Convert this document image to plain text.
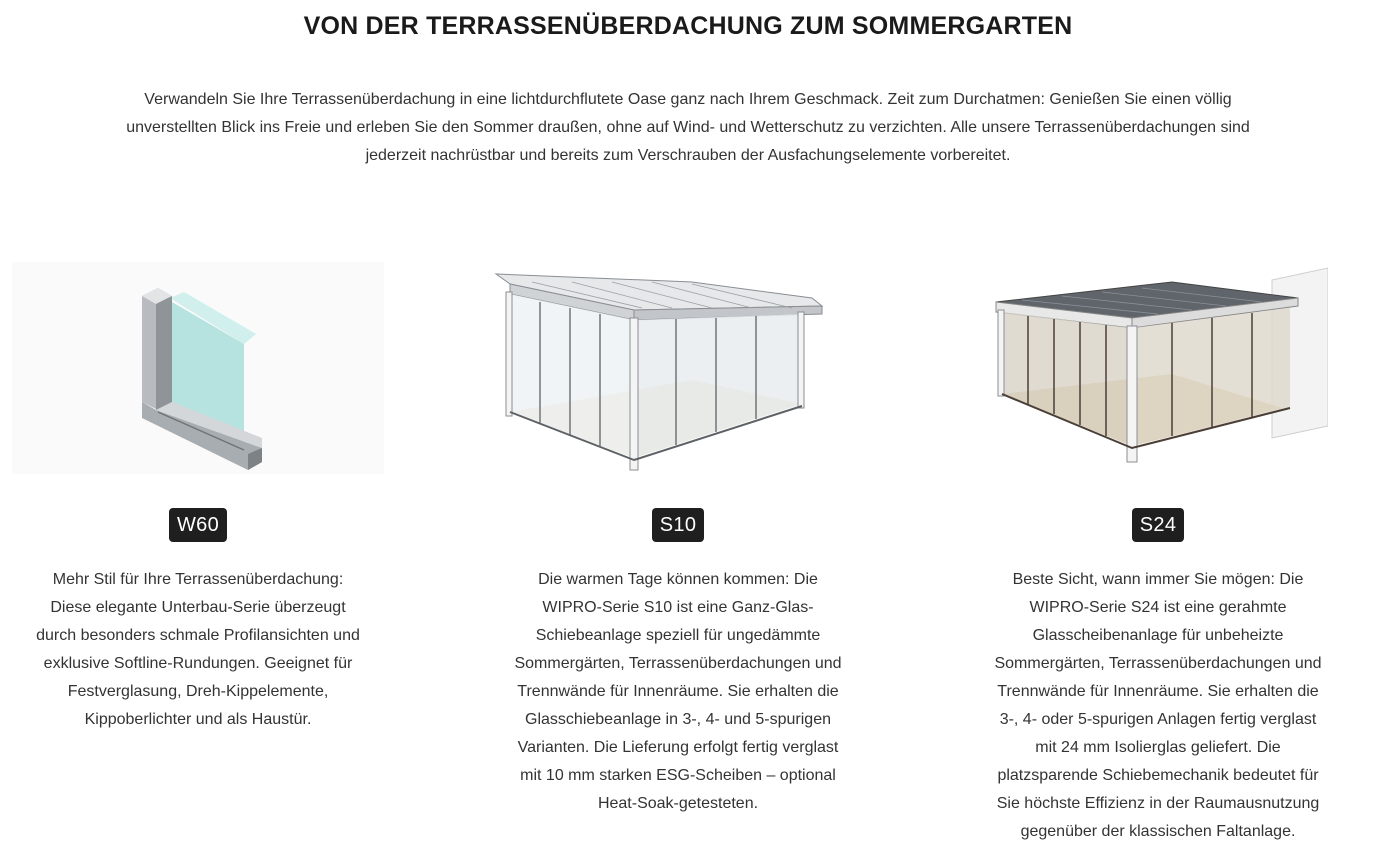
VON DER TERRASSENÜBERDACHUNG ZUM SOMMERGARTEN
Verwandeln Sie Ihre Terrassenüberdachung in eine lichtdurchflutete Oase ganz nach Ihrem Geschmack. Zeit zum Durchatmen: Genießen Sie einen völlig
unverstellten Blick ins Freie und erleben Sie den Sommer draußen, ohne auf Wind- und Wetterschutz zu verzichten. Alle unsere Terrassenüberdachungen sind
jederzeit nachrüstbar und bereits zum Verschrauben der Ausfachungselemente vorbereitet.
W60
Mehr Stil für Ihre Terrassenüberdachung:
Diese elegante Unterbau-Serie überzeugt
durch besonders schmale Profilansichten und
exklusive Softline-Rundungen. Geeignet für
Festverglasung, Dreh-Kippelemente,
Kippoberlichter und als Haustür.
S10
Die warmen Tage können kommen: Die
WIPRO-Serie S10 ist eine Ganz-Glas-
Schiebeanlage speziell für ungedämmte
Sommergärten, Terrassenüberdachungen und
Trennwände für Innenräume. Sie erhalten die
Glasschiebeanlage in 3-, 4- und 5-spurigen
Varianten. Die Lieferung erfolgt fertig verglast
mit 10 mm starken ESG-Scheiben – optional
Heat-Soak-getesteten.
S24
Beste Sicht, wann immer Sie mögen: Die
WIPRO-Serie S24 ist eine gerahmte
Glasscheibenanlage für unbeheizte
Sommergärten, Terrassenüberdachungen und
Trennwände für Innenräume. Sie erhalten die
3-, 4- oder 5-spurigen Anlagen fertig verglast
mit 24 mm Isolierglas geliefert. Die
platzsparende Schiebemechanik bedeutet für
Sie höchste Effizienz in der Raumausnutzung
gegenüber der klassischen Faltanlage.
